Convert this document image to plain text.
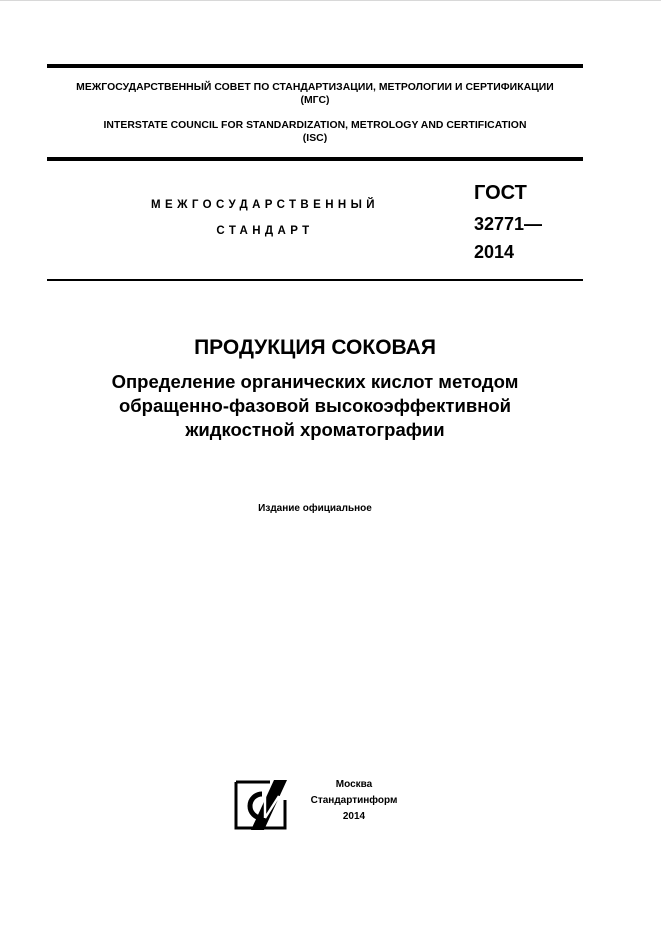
МЕЖГОСУДАРСТВЕННЫЙ СОВЕТ ПО СТАНДАРТИЗАЦИИ, МЕТРОЛОГИИ И СЕРТИФИКАЦИИ
(МГС)
INTERSTATE COUNCIL FOR STANDARDIZATION, METROLOGY AND CERTIFICATION
(ISC)
МЕЖГОСУДАРСТВЕННЫЙ
СТАНДАРТ
ГОСТ
32771—
2014
ПРОДУКЦИЯ СОКОВАЯ
Определение органических кислот методом
обращенно-фазовой высокоэффективной
жидкостной хроматографии
Издание официальное
Москва
Стандартинформ
2014
